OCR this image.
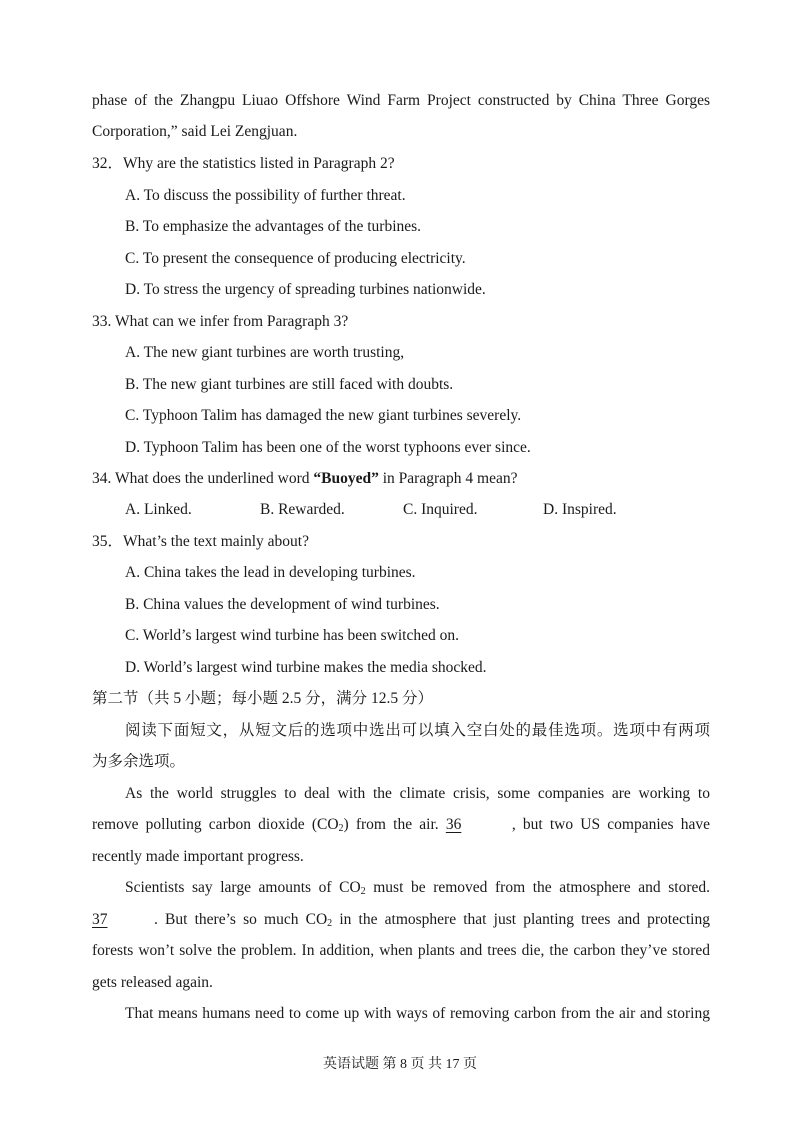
phase of the Zhangpu Liuao Offshore Wind Farm Project constructed by China Three Gorges
Corporation,” said Lei Zengjuan.
32．Why are the statistics listed in Paragraph 2?
A. To discuss the possibility of further threat.
B. To emphasize the advantages of the turbines.
C. To present the consequence of producing electricity.
D. To stress the urgency of spreading turbines nationwide.
33. What can we infer from Paragraph 3?
A. The new giant turbines are worth trusting,
B. The new giant turbines are still faced with doubts.
C. Typhoon Talim has damaged the new giant turbines severely.
D. Typhoon Talim has been one of the worst typhoons ever since.
34. What does the underlined word “Buoyed” in Paragraph 4 mean?
A. Linked.	B. Rewarded.	C. Inquired.	D. Inspired.
35．What’s the text mainly about?
A. China takes the lead in developing turbines.
B. China values the development of wind turbines.
C. World’s largest wind turbine has been switched on.
D. World’s largest wind turbine makes the media shocked.
第二节（共 5 小题；每小题 2.5 分，满分 12.5 分）
阅读下面短文，从短文后的选项中选出可以填入空白处的最佳选项。选项中有两项
为多余选项。
As the world struggles to deal with the climate crisis, some companies are working to
remove polluting carbon dioxide $(CO_2)$ from the air. 36	, but two US companies have
recently made important progress.
Scientists say large amounts of $CO_2$ must be removed from the atmosphere and stored.
37	. But there’s so much $CO_2$ in the atmosphere that just planting trees and protecting
forests won’t solve the problem. In addition, when plants and trees die, the carbon they’ve stored
gets released again.
That means humans need to come up with ways of removing carbon from the air and storing
英语试题 第 8 页 共 17 页
